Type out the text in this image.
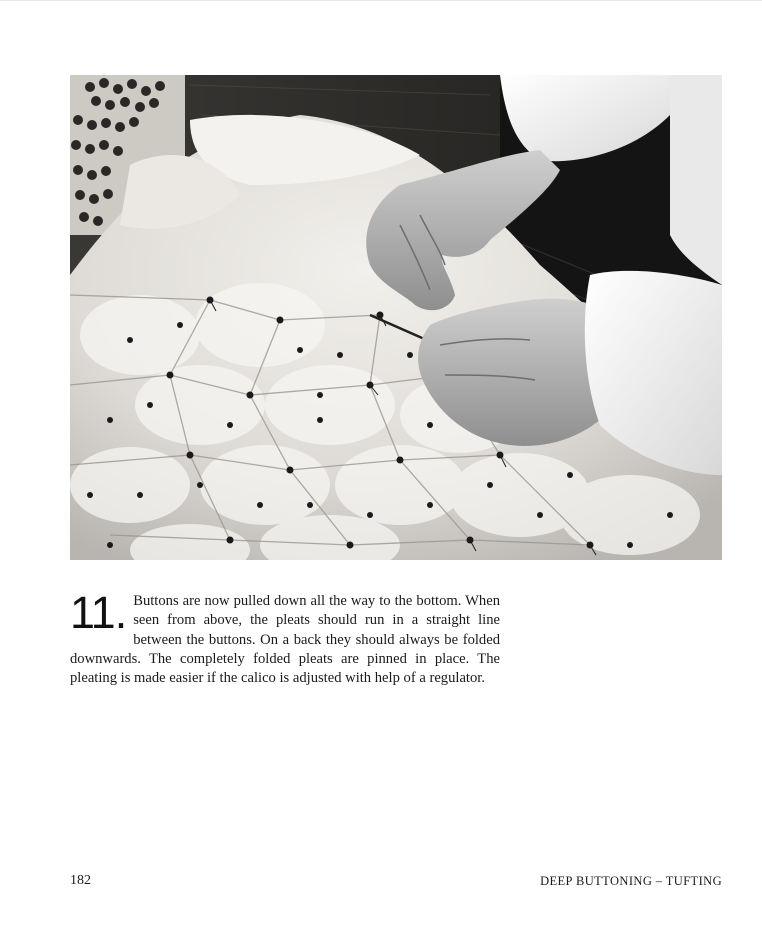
11. Buttons are now pulled down all the way to the bottom. When seen from above, the pleats should run in a straight line between the buttons. On a back they should always be folded downwards. The completely folded pleats are pinned in place. The pleating is made easier if the calico is adjusted with help of a regulator.

182	DEEP BUTTONING – TUFTING
